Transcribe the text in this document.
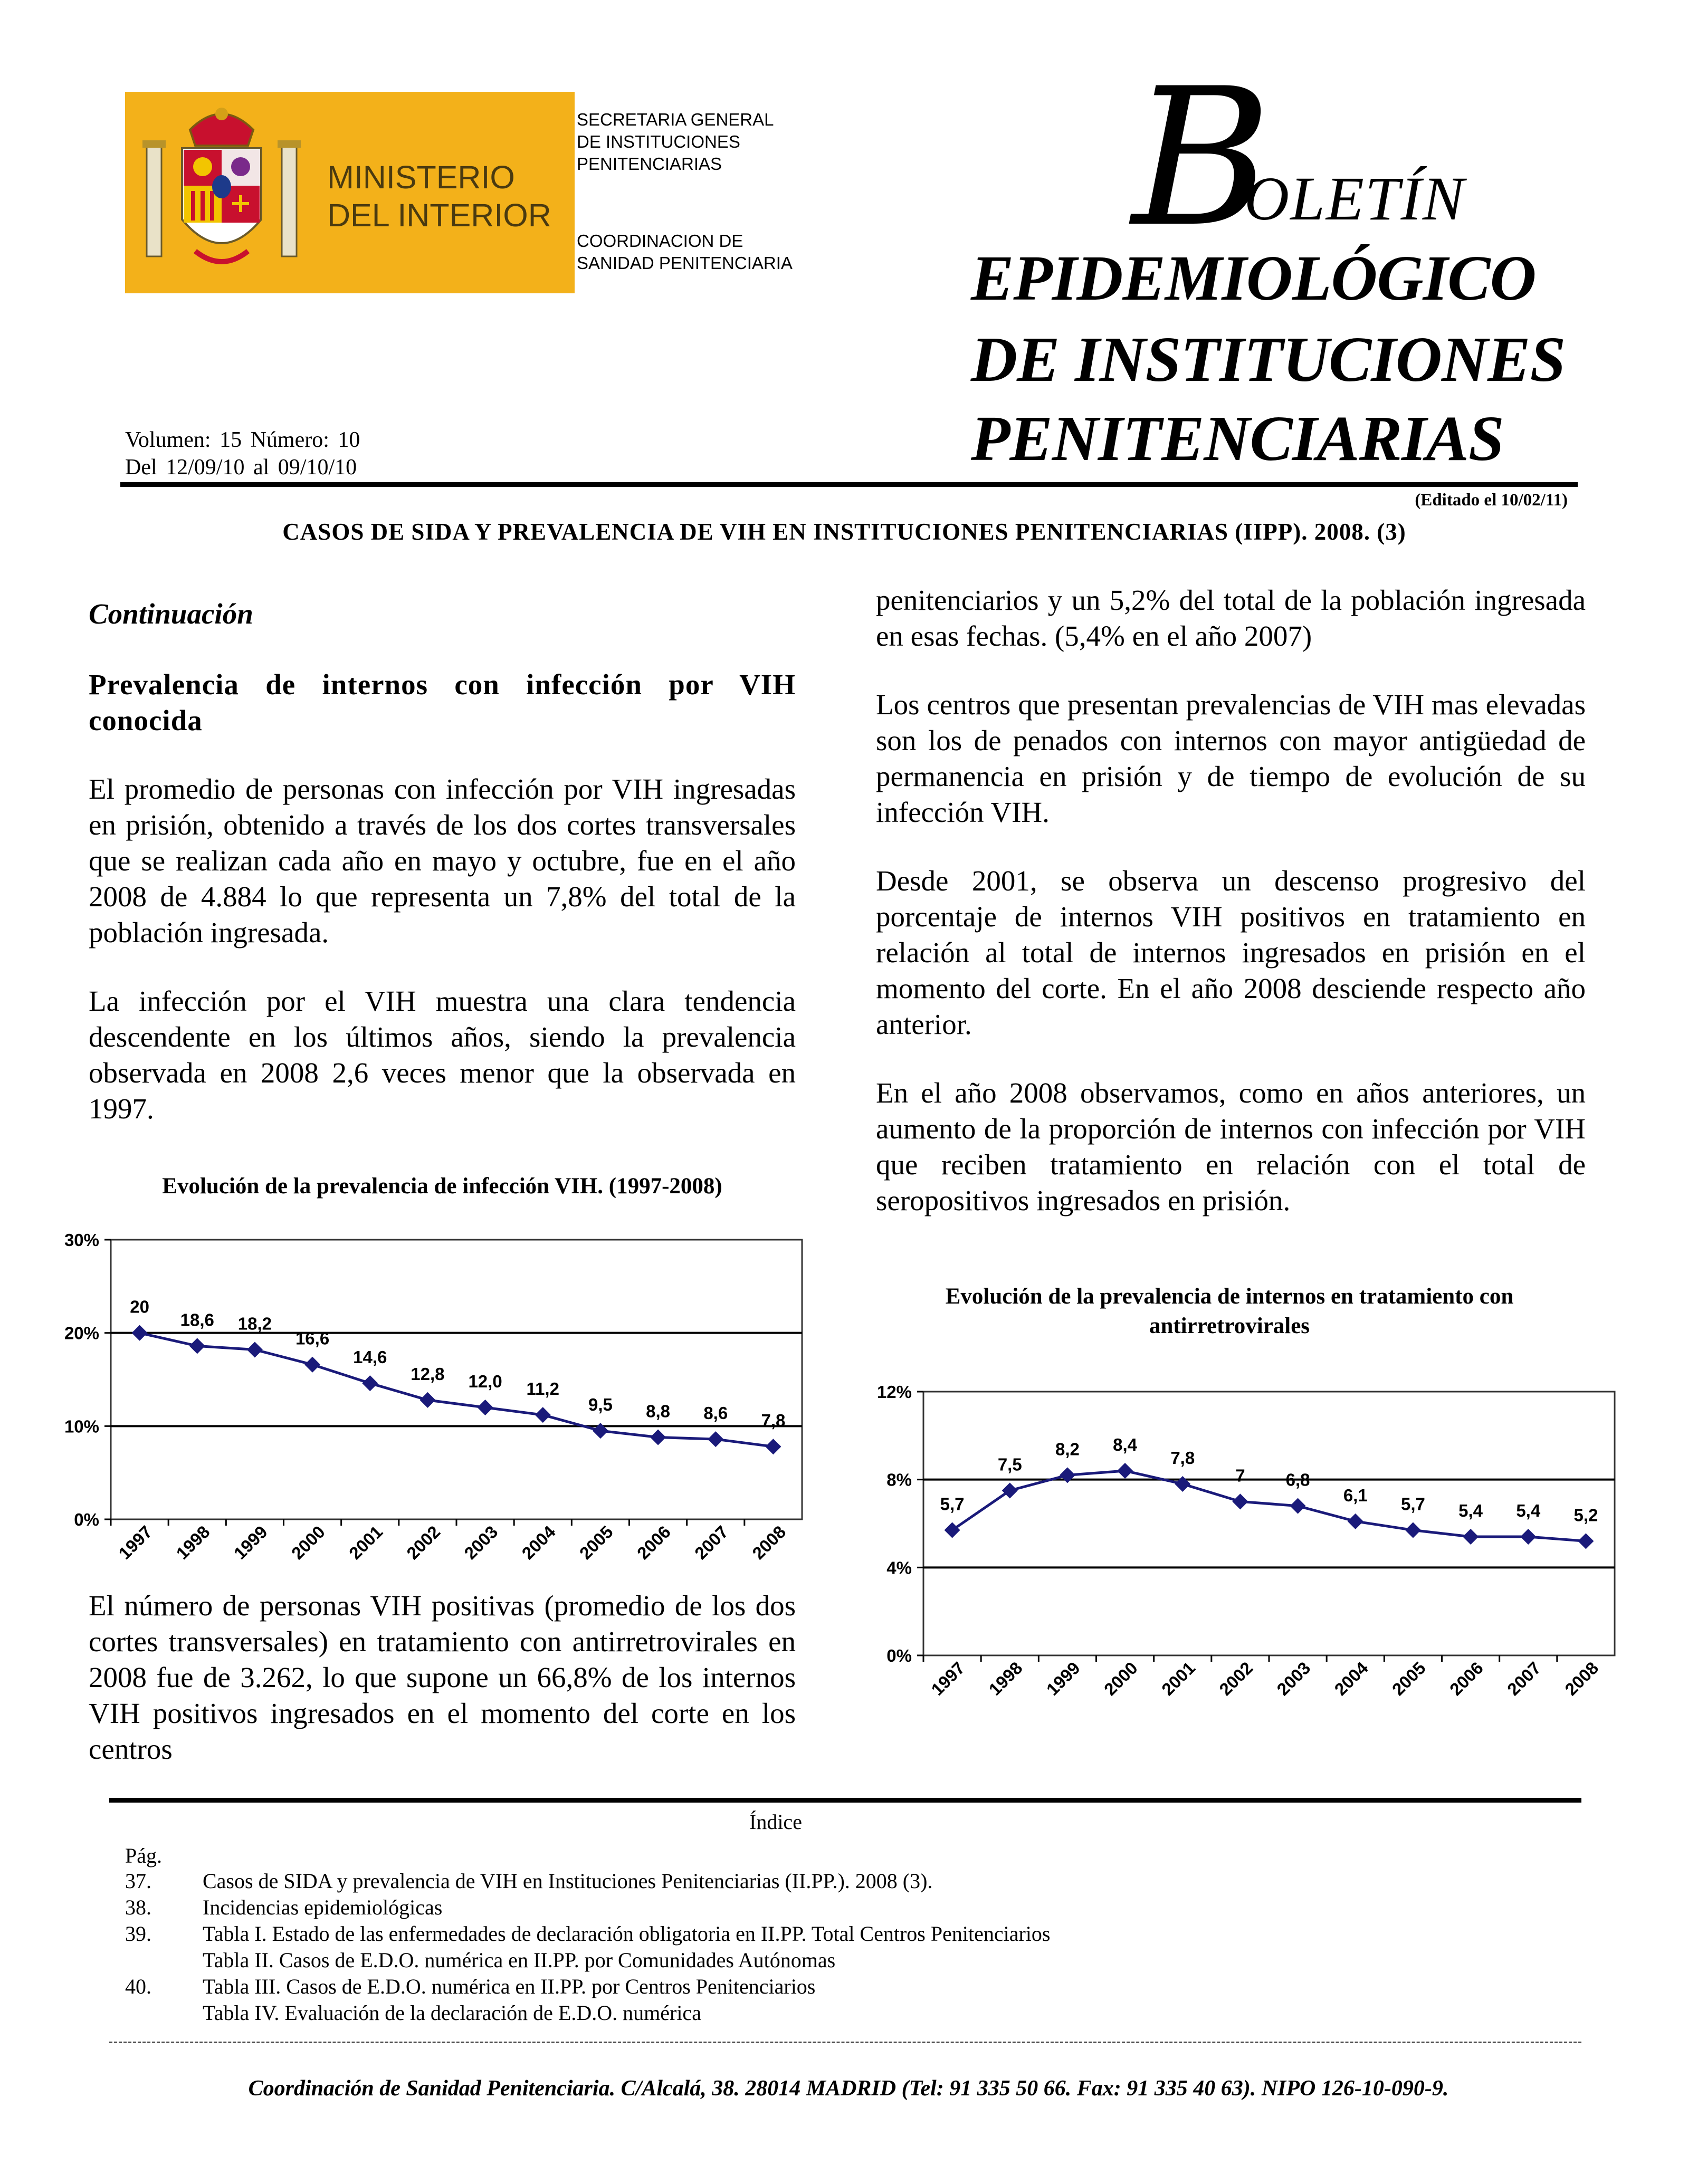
MINISTERIO
DEL INTERIOR
SECRETARIA GENERAL
DE INSTITUCIONES
PENITENCIARIAS
COORDINACION DE
SANIDAD PENITENCIARIA B
OLETÍN
EPIDEMIOLÓGICO
DE INSTITUCIONES
PENITENCIARIAS
Volumen: 15 Número: 10
Del 12/09/10 al 09/10/10
(Editado el 10/02/11)
CASOS DE SIDA Y PREVALENCIA DE VIH EN INSTITUCIONES PENITENCIARIAS (IIPP). 2008. (3)
Continuación
Prevalencia de internos con infección por VIH conocida

El promedio de personas con infección por VIH ingresadas en prisión, obtenido a través de los dos cortes transversales que se realizan cada año en mayo y octubre, fue en el año 2008 de 4.884 lo que representa un 7,8% del total de la población ingresada.

La infección por el VIH muestra una clara tendencia descendente en los últimos años, siendo la prevalencia observada en 2008 2,6 veces menor que la observada en 1997.

Evolución de la prevalencia de infección VIH. (1997-2008)
0%
10%
20%
30%
20
1997
18,6
1998
18,2
1999
16,6
2000
14,6
2001
12,8
2002
12,0
2003
11,2
2004
9,5
2005
8,8
2006
8,6
2007
7,8
2008

El número de personas VIH positivas (promedio de los dos cortes transversales) en tratamiento con antirretrovirales en 2008 fue de 3.262, lo que supone un 66,8% de los internos VIH positivos ingresados en el momento del corte en los centros

penitenciarios y un 5,2% del total de la población ingresada en esas fechas. (5,4% en el año 2007)

Los centros que presentan prevalencias de VIH mas elevadas son los de penados con internos con mayor antigüedad de permanencia en prisión y de tiempo de evolución de su infección VIH.

Desde 2001, se observa un descenso progresivo del porcentaje de internos VIH positivos en tratamiento en relación al total de internos ingresados en prisión en el momento del corte. En el año 2008 desciende respecto año anterior.

En el año 2008 observamos, como en años anteriores, un aumento de la proporción de internos con infección por VIH que reciben tratamiento en relación con el total de seropositivos ingresados en prisión.

Evolución de la prevalencia de internos en tratamiento con antirretrovirales
0%
4%
8%
12%
5,7
1997
7,5
1998
8,2
1999
8,4
2000
7,8
2001
7
2002
6,8
2003
6,1
2004
5,7
2005
5,4
2006
5,4
2007
5,2
2008
Índice
Pág.
37. Casos de SIDA y prevalencia de VIH en Instituciones Penitenciarias (II.PP.). 2008 (3).
38. Incidencias epidemiológicas
39. Tabla I. Estado de las enfermedades de declaración obligatoria en II.PP. Total Centros Penitenciarios
Tabla II. Casos de E.D.O. numérica en II.PP. por Comunidades Autónomas
40. Tabla III. Casos de E.D.O. numérica en II.PP. por Centros Penitenciarios
Tabla IV. Evaluación de la declaración de E.D.O. numérica
Coordinación de Sanidad Penitenciaria. C/Alcalá, 38. 28014 MADRID (Tel: 91 335 50 66. Fax: 91 335 40 63). NIPO 126-10-090-9.
